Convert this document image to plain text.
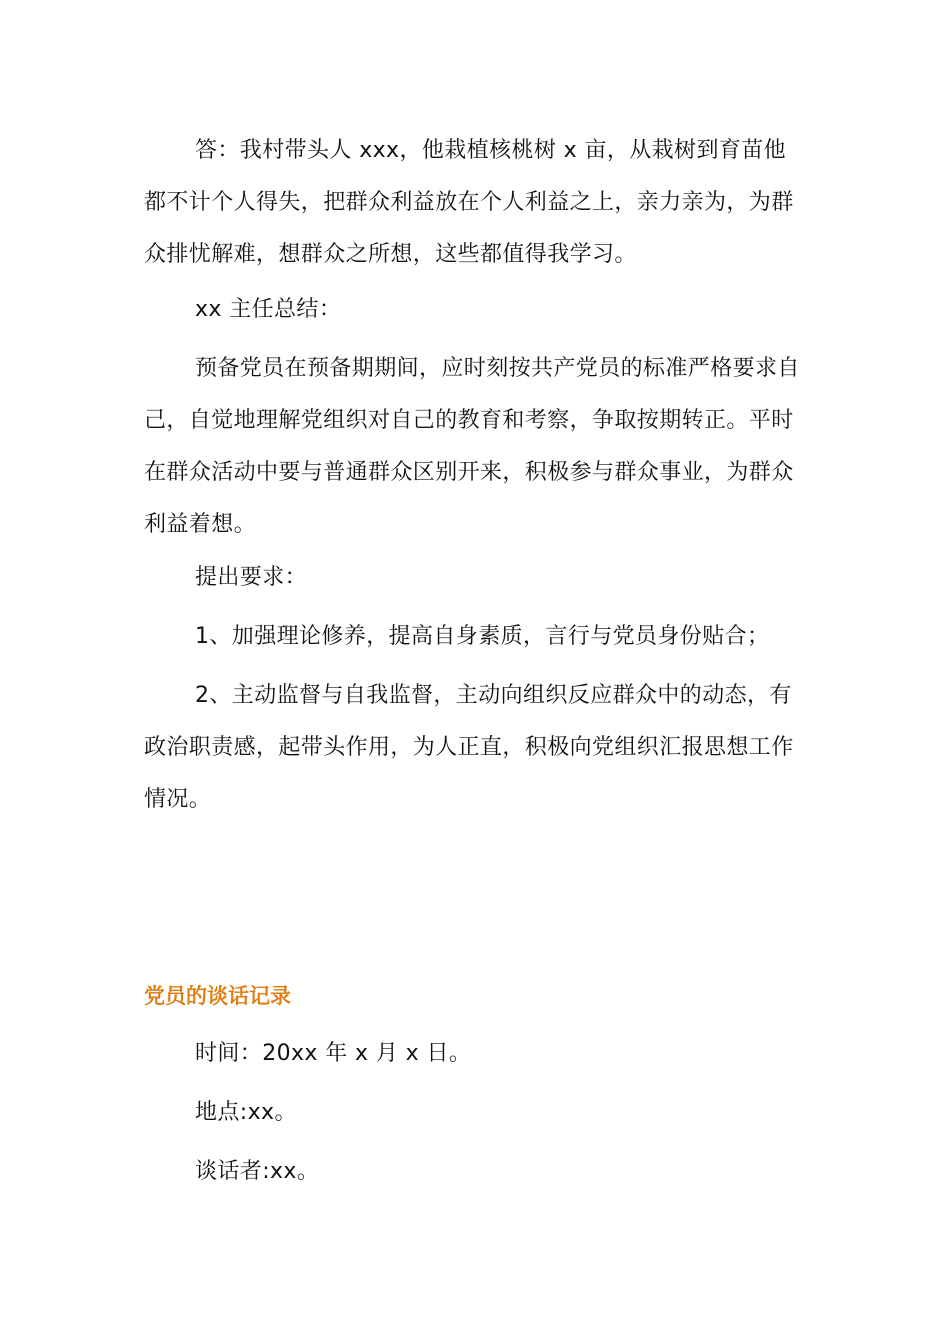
答：我村带头人 xxx，他栽植核桃树 x 亩，从栽树到育苗他都不计个人得失，把群众利益放在个人利益之上，亲力亲为，为群众排忧解难，想群众之所想，这些都值得我学习。

xx 主任总结：

预备党员在预备期期间，应时刻按共产党员的标准严格要求自己，自觉地理解党组织对自己的教育和考察，争取按期转正。平时在群众活动中要与普通群众区别开来，积极参与群众事业，为群众利益着想。

提出要求：

1、加强理论修养，提高自身素质，言行与党员身份贴合；

2、主动监督与自我监督，主动向组织反应群众中的动态，有政治职责感，起带头作用，为人正直，积极向党组织汇报思想工作情况。

党员的谈话记录

时间：20xx 年 x 月 x 日。

地点:xx。

谈话者:xx。
